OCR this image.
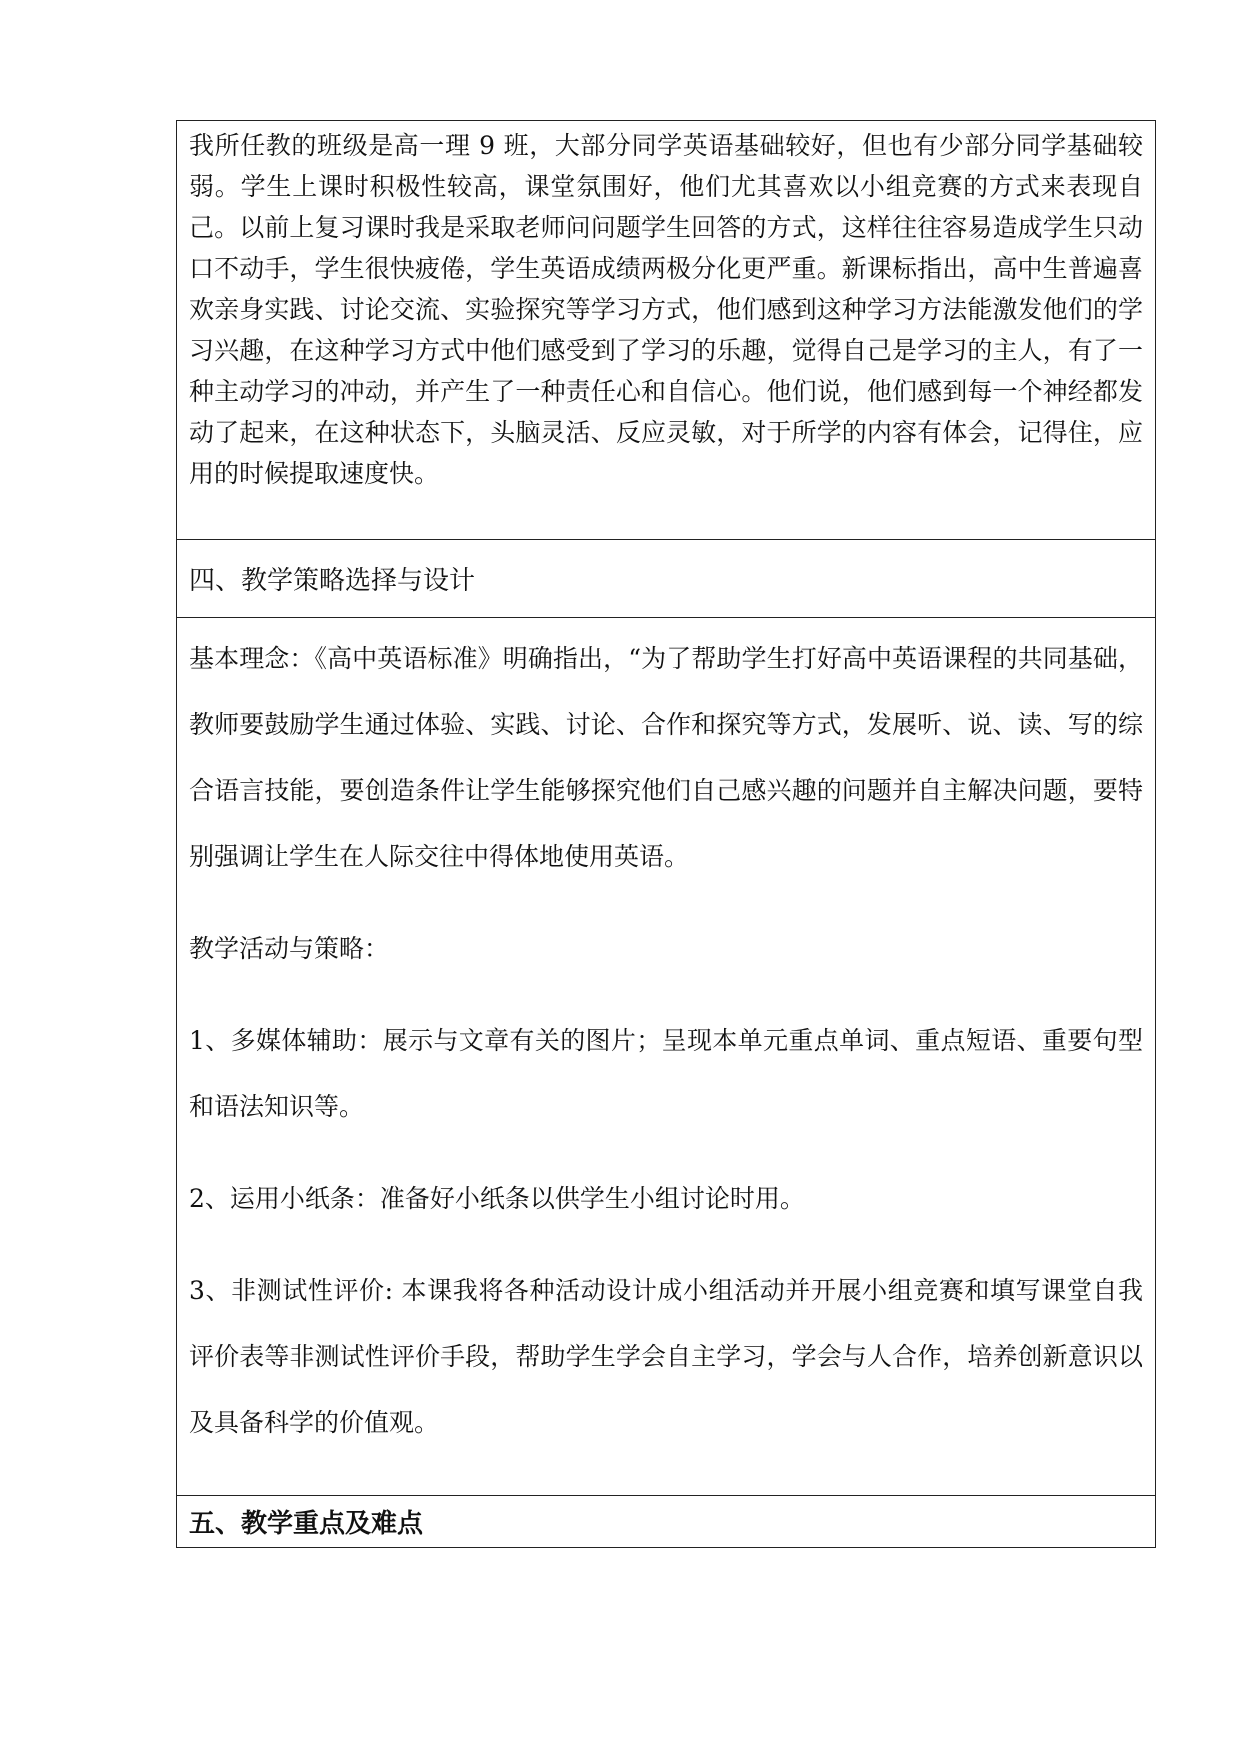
我所任教的班级是高一理 9 班，大部分同学英语基础较好，但也有少部分同学基础较弱。学生上课时积极性较高，课堂氛围好，他们尤其喜欢以小组竞赛的方式来表现自己。以前上复习课时我是采取老师问问题学生回答的方式，这样往往容易造成学生只动口不动手，学生很快疲倦，学生英语成绩两极分化更严重。新课标指出，高中生普遍喜欢亲身实践、讨论交流、实验探究等学习方式，他们感到这种学习方法能激发他们的学习兴趣，在这种学习方式中他们感受到了学习的乐趣，觉得自己是学习的主人，有了一种主动学习的冲动，并产生了一种责任心和自信心。他们说，他们感到每一个神经都发动了起来，在这种状态下，头脑灵活、反应灵敏，对于所学的内容有体会，记得住，应用的时候提取速度快。
四、教学策略选择与设计

基本理念：《高中英语标准》明确指出，“为了帮助学生打好高中英语课程的共同基础，教师要鼓励学生通过体验、实践、讨论、合作和探究等方式，发展听、说、读、写的综合语言技能，要创造条件让学生能够探究他们自己感兴趣的问题并自主解决问题，要特别强调让学生在人际交往中得体地使用英语。

教学活动与策略：

1、多媒体辅助：展示与文章有关的图片；呈现本单元重点单词、重点短语、重要句型和语法知识等。

2、运用小纸条：准备好小纸条以供学生小组讨论时用。

3、非测试性评价: 本课我将各种活动设计成小组活动并开展小组竞赛和填写课堂自我评价表等非测试性评价手段，帮助学生学会自主学习，学会与人合作，培养创新意识以及具备科学的价值观。

五、教学重点及难点
